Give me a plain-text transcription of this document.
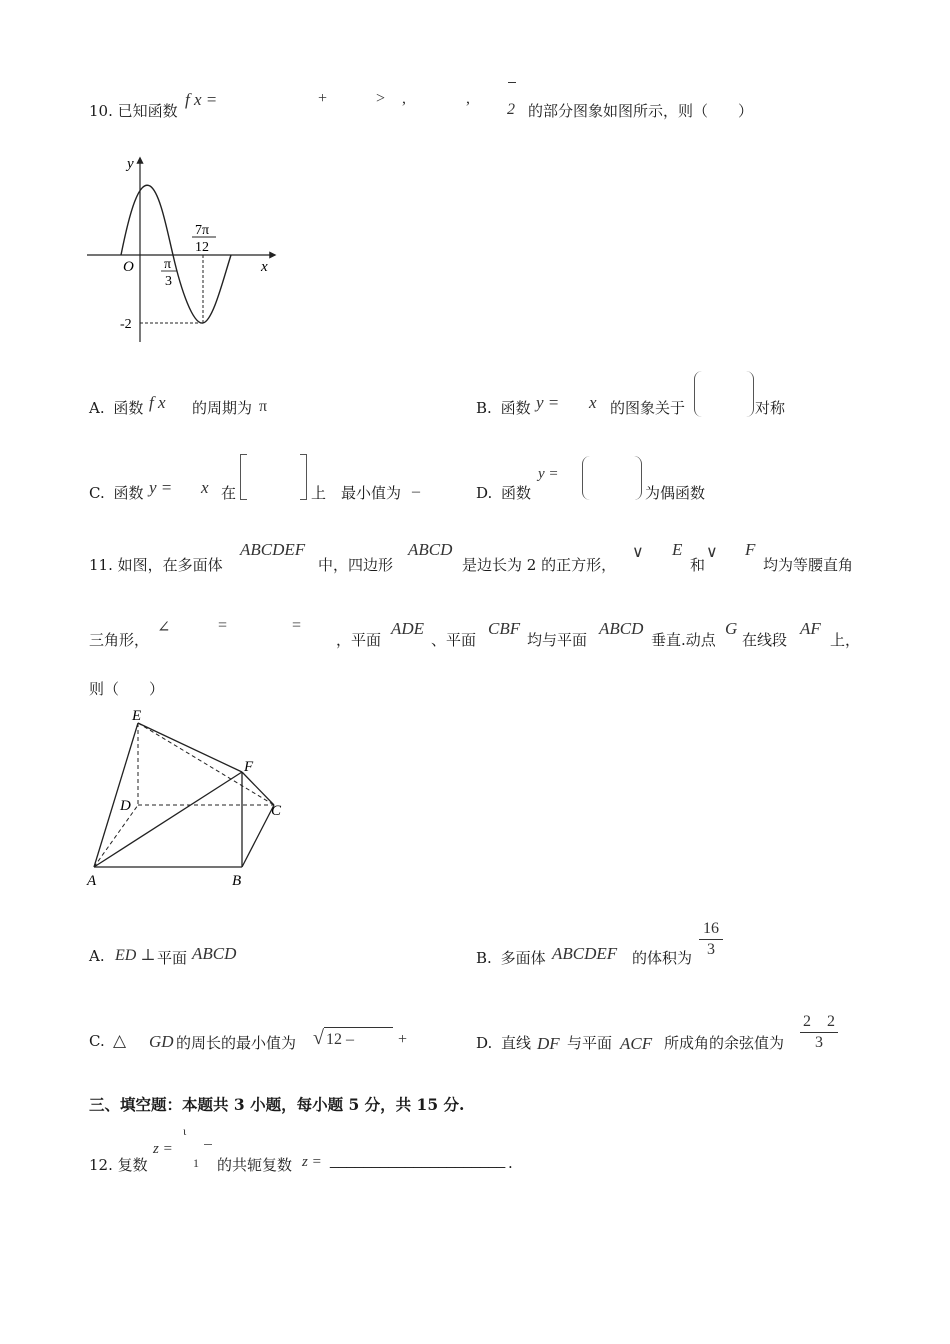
10. 已知函数
f x =	+	> ,	,
2 的部分图象如图所示，则（　　）
y
x
O π
3
7π
12
-2
A. 函数 f x 的周期为 π	B. 函数 y = x 的图象关于	对称
C. 函数 y = x 在	上　最小值为 –	D. 函数
y =
为偶函数
11. 如图，在多面体
ABCDEF
中，四边形
ABCD
是边长为 2 的正方形，
∨ E
和
∨ F
均为等腰直角
三角形，
∠	=	=
，平面
ADE
、平面
CBF
均与平面
ABCD
垂直.动点
G
在线段
AF
上，
则（　　）
E
F
D	C
A	B
A. ED ⊥ 平面 ABCD	B. 多面体 ABCDEF 的体积为
16
3
C. △ GD 的周长的最小值为 √ 12 –	+	D. 直线 DF 与平面 ACF 所成角的余弦值为
2　2
3
三、填空题：本题共 3 小题，每小题 5 分，共 15 分.
12. 复数
z =
ι
1 的共轭复数 z = _____________________ .
